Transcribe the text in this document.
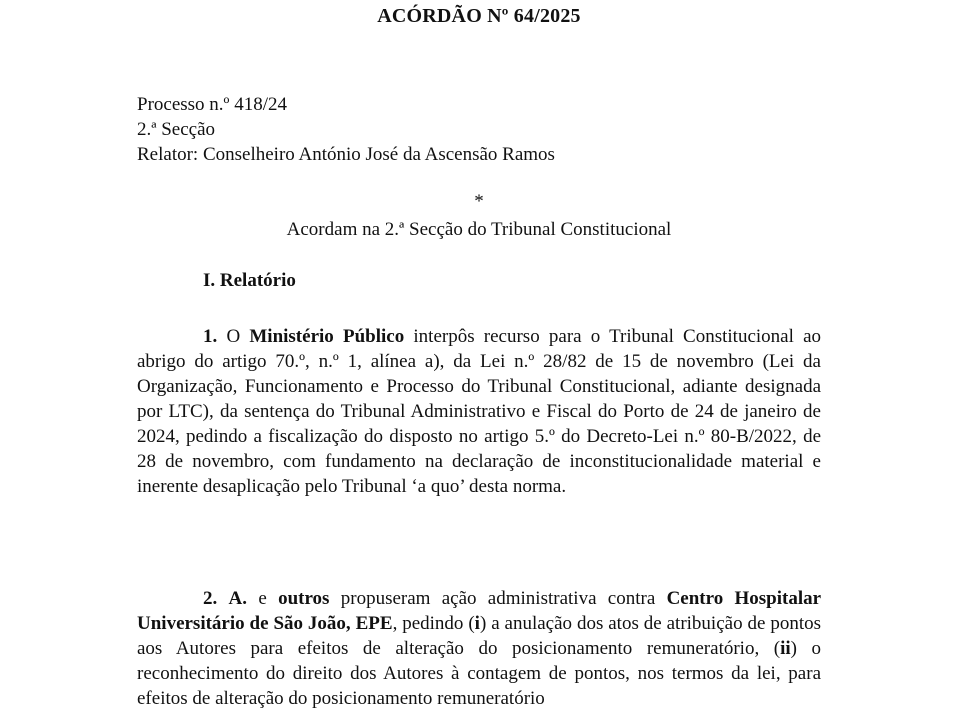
ACÓRDÃO Nº 64/2025
Processo n.º 418/24
2.ª Secção
Relator: Conselheiro António José da Ascensão Ramos
*
Acordam na 2.ª Secção do Tribunal Constitucional
I. Relatório

1. O Ministério Público interpôs recurso para o Tribunal Constitucional ao abrigo do artigo 70.º, n.º 1, alínea a), da Lei n.º 28/82 de 15 de novembro (Lei da Organização, Funcionamento e Processo do Tribunal Constitucional, adiante designada por LTC), da sentença do Tribunal Administrativo e Fiscal do Porto de 24 de janeiro de 2024, pedindo a fiscalização do disposto no artigo 5.º do Decreto-Lei n.º 80-B/2022, de 28 de novembro, com fundamento na declaração de inconstitucionalidade material e inerente desaplicação pelo Tribunal ‘a quo’ desta norma.

2. A. e outros propuseram ação administrativa contra Centro Hospitalar Universitário de São João, EPE, pedindo (i) a anulação dos atos de atribuição de pontos aos Autores para efeitos de alteração do posicionamento remuneratório, (ii) o reconhecimento do direito dos Autores à contagem de pontos, nos termos da lei, para efeitos de alteração do posicionamento remuneratório
